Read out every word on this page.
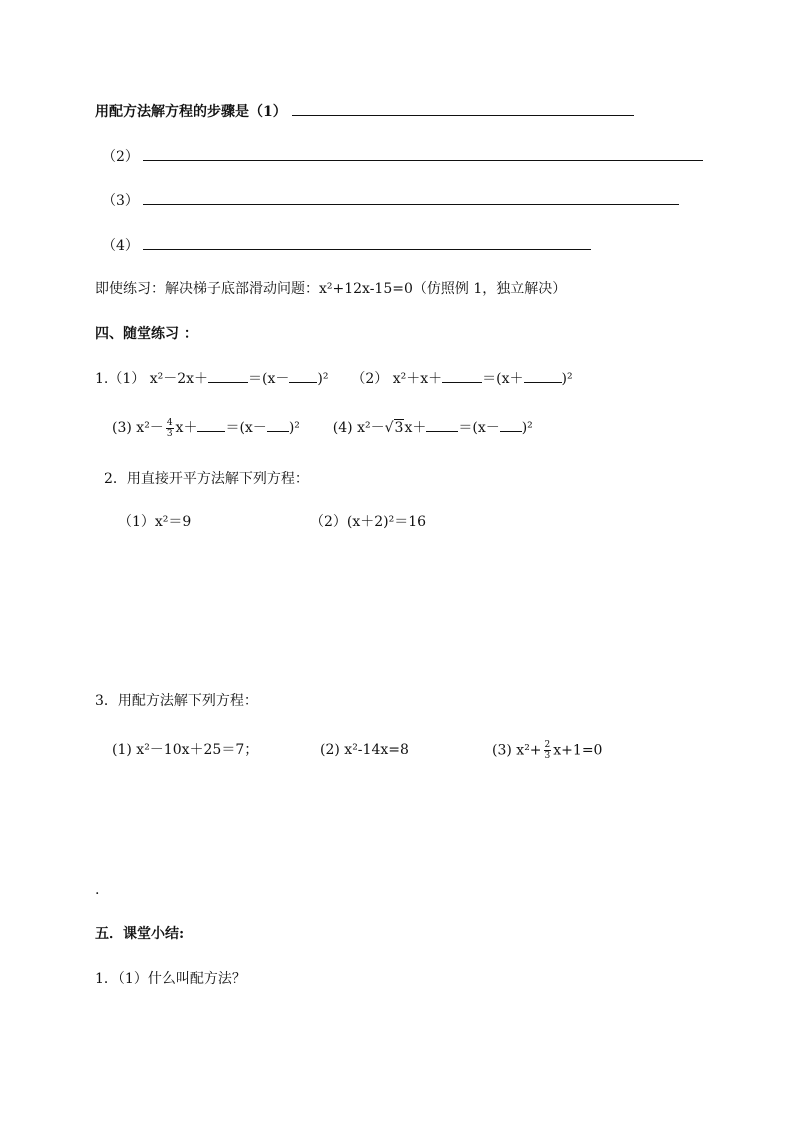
用配方法解方程的步骤是（1）
（2）
（3）
（4）
即使练习：解决梯子底部滑动问题：x²+12x-15=0（仿照例 1，独立解决）
四、随堂练习 ：
1.（1） x²－2x＋	＝(x－ )² （2） x²＋x＋	＝(x＋	)²
(3) $x^2- \frac{4}{3} x+ =(x- )^2$ (4) x²－√3x＋ ＝(x－ )²
2．用直接开平方法解下列方程：
（1）x²＝9	（2）(x＋2)²＝16
3．用配方法解下列方程：
(1) x²－10x＋25＝7；	(2) x²-14x=8	(3) $x^2+ \frac{2}{3} x+1=0$
.
五．课堂小结:
1．（1）什么叫配方法？
